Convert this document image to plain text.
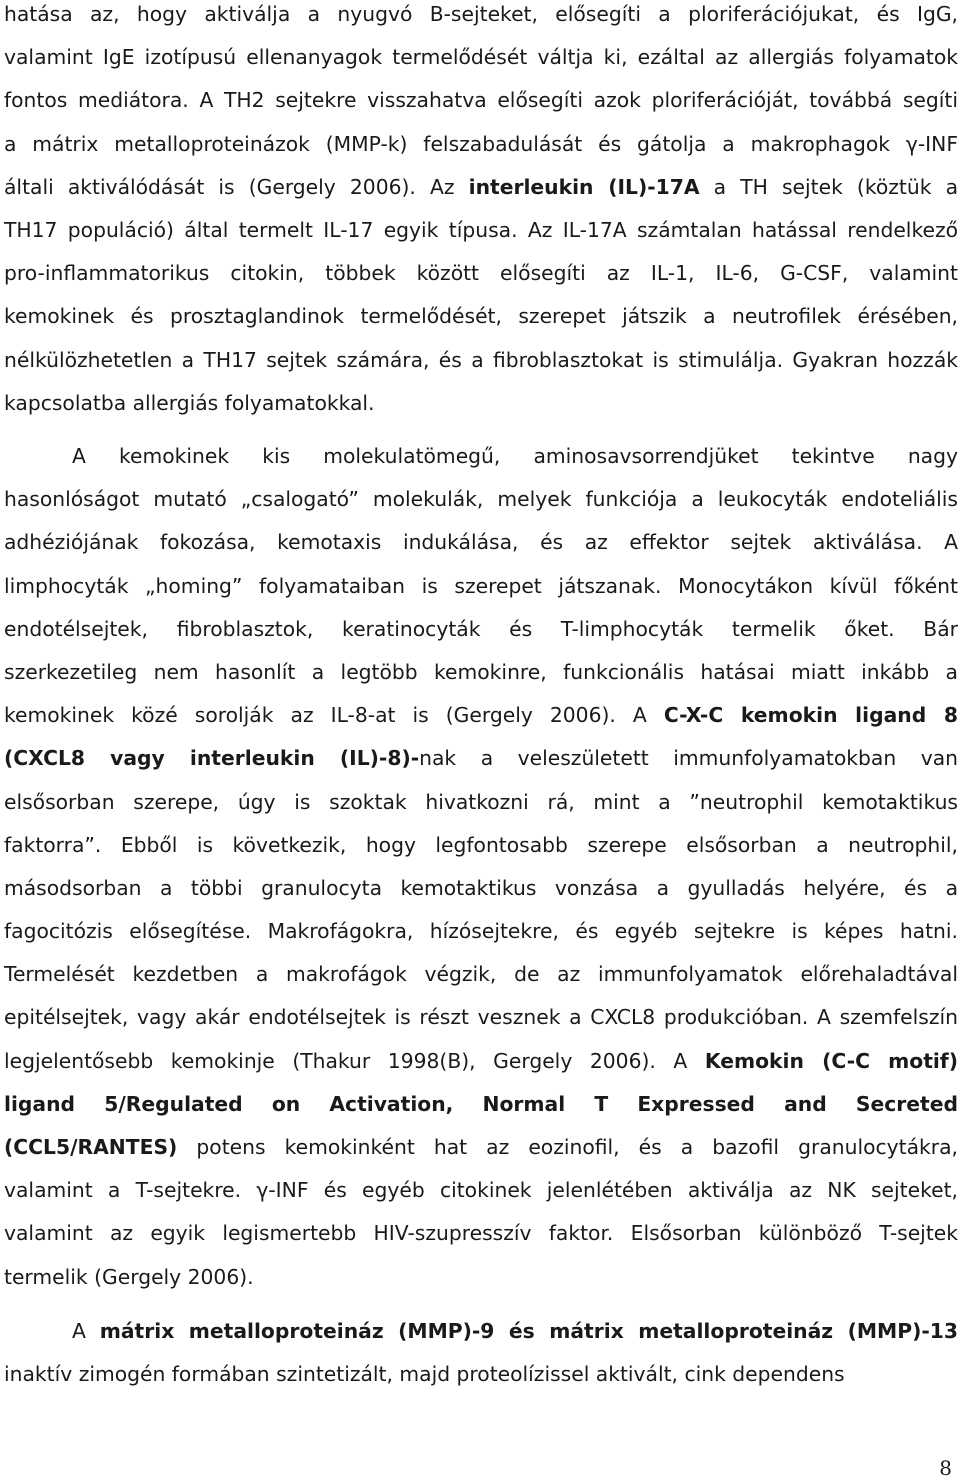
hatása az, hogy aktiválja a nyugvó B-sejteket, elősegíti a ploriferációjukat, és IgG,
valamint IgE izotípusú ellenanyagok termelődését váltja ki, ezáltal az allergiás folyamatok
fontos mediátora. A TH2 sejtekre visszahatva elősegíti azok ploriferációját, továbbá segíti
a mátrix metalloproteinázok (MMP-k) felszabadulását és gátolja a makrophagok γ-INF
általi aktiválódását is (Gergely 2006). Az interleukin (IL)-17A a TH sejtek (köztük a
TH17 populáció) által termelt IL-17 egyik típusa. Az IL-17A számtalan hatással rendelkező
pro-inflammatorikus citokin, többek között elősegíti az IL-1, IL-6, G-CSF, valamint
kemokinek és prosztaglandinok termelődését, szerepet játszik a neutrofilek érésében,
nélkülözhetetlen a TH17 sejtek számára, és a fibroblasztokat is stimulálja. Gyakran hozzák
kapcsolatba allergiás folyamatokkal.
A kemokinek kis molekulatömegű, aminosavsorrendjüket tekintve nagy
hasonlóságot mutató „csalogató” molekulák, melyek funkciója a leukocyták endoteliális
adhéziójának fokozása, kemotaxis indukálása, és az effektor sejtek aktiválása. A
limphocyták „homing” folyamataiban is szerepet játszanak. Monocytákon kívül főként
endotélsejtek, fibroblasztok, keratinocyták és T-limphocyták termelik őket. Bár
szerkezetileg nem hasonlít a legtöbb kemokinre, funkcionális hatásai miatt inkább a
kemokinek közé sorolják az IL-8-at is (Gergely 2006). A C-X-C kemokin ligand 8
(CXCL8 vagy interleukin (IL)-8)-nak a veleszületett immunfolyamatokban van
elsősorban szerepe, úgy is szoktak hivatkozni rá, mint a ”neutrophil kemotaktikus
faktorra”. Ebből is következik, hogy legfontosabb szerepe elsősorban a neutrophil,
másodsorban a többi granulocyta kemotaktikus vonzása a gyulladás helyére, és a
fagocitózis elősegítése. Makrofágokra, hízósejtekre, és egyéb sejtekre is képes hatni.
Termelését kezdetben a makrofágok végzik, de az immunfolyamatok előrehaladtával
epitélsejtek, vagy akár endotélsejtek is részt vesznek a CXCL8 produkcióban. A szemfelszín
legjelentősebb kemokinje (Thakur 1998(B), Gergely 2006). A Kemokin (C-C motif)
ligand 5/Regulated on Activation, Normal T Expressed and Secreted
(CCL5/RANTES) potens kemokinként hat az eozinofil, és a bazofil granulocytákra,
valamint a T-sejtekre. γ-INF és egyéb citokinek jelenlétében aktiválja az NK sejteket,
valamint az egyik legismertebb HIV-szupresszív faktor. Elsősorban különböző T-sejtek
termelik (Gergely 2006).
A mátrix metalloproteináz (MMP)-9 és mátrix metalloproteináz (MMP)-13
inaktív zimogén formában szintetizált, majd proteolízissel aktivált, cink dependens
8
